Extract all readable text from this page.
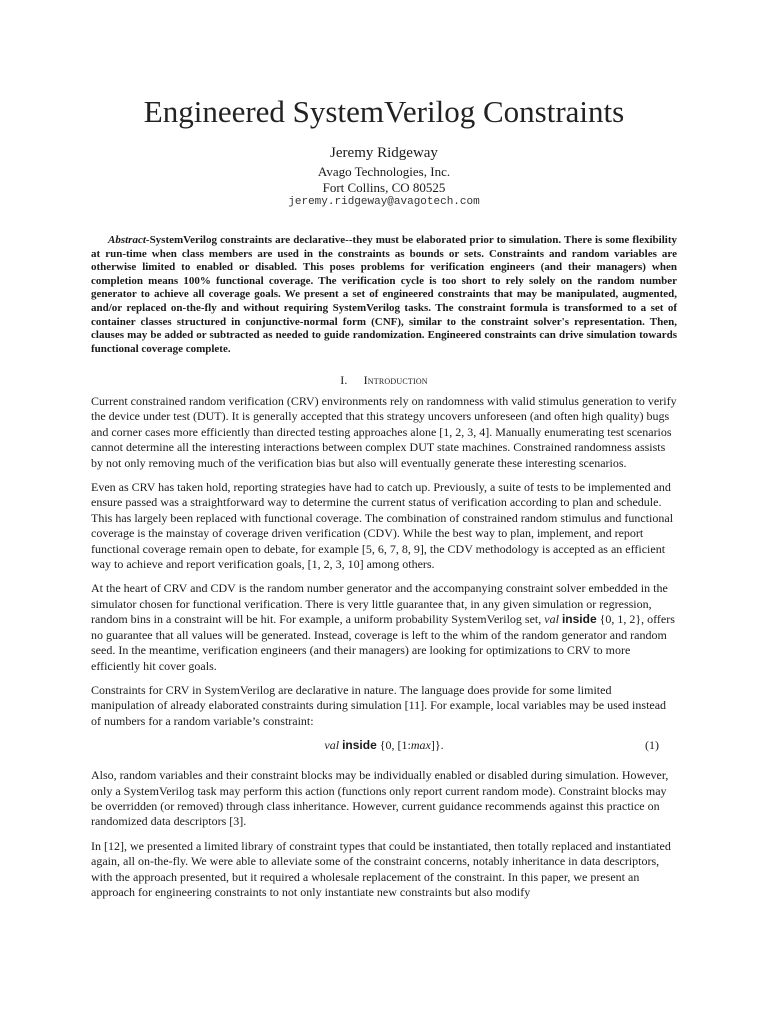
Engineered SystemVerilog Constraints
Jeremy Ridgeway
Avago Technologies, Inc.
Fort Collins, CO 80525
jeremy.ridgeway@avagotech.com
Abstract-SystemVerilog constraints are declarative--they must be elaborated prior to simulation. There is some flexibility at run-time when class members are used in the constraints as bounds or sets. Constraints and random variables are otherwise limited to enabled or disabled. This poses problems for verification engineers (and their managers) when completion means 100% functional coverage. The verification cycle is too short to rely solely on the random number generator to achieve all coverage goals. We present a set of engineered constraints that may be manipulated, augmented, and/or replaced on-the-fly and without requiring SystemVerilog tasks. The constraint formula is transformed to a set of container classes structured in conjunctive-normal form (CNF), similar to the constraint solver's representation. Then, clauses may be added or subtracted as needed to guide randomization. Engineered constraints can drive simulation towards functional coverage complete.
I. Introduction

Current constrained random verification (CRV) environments rely on randomness with valid stimulus generation to verify the device under test (DUT). It is generally accepted that this strategy uncovers unforeseen (and often high quality) bugs and corner cases more efficiently than directed testing approaches alone [1, 2, 3, 4]. Manually enumerating test scenarios cannot determine all the interesting interactions between complex DUT state machines. Constrained randomness assists by not only removing much of the verification bias but also will eventually generate these interesting scenarios.

Even as CRV has taken hold, reporting strategies have had to catch up. Previously, a suite of tests to be implemented and ensure passed was a straightforward way to determine the current status of verification according to plan and schedule. This has largely been replaced with functional coverage. The combination of constrained random stimulus and functional coverage is the mainstay of coverage driven verification (CDV). While the best way to plan, implement, and report functional coverage remain open to debate, for example [5, 6, 7, 8, 9], the CDV methodology is accepted as an efficient way to achieve and report verification goals, [1, 2, 3, 10] among others.

At the heart of CRV and CDV is the random number generator and the accompanying constraint solver embedded in the simulator chosen for functional verification. There is very little guarantee that, in any given simulation or regression, random bins in a constraint will be hit. For example, a uniform probability SystemVerilog set, val inside {0, 1, 2}, offers no guarantee that all values will be generated. Instead, coverage is left to the whim of the random generator and random seed. In the meantime, verification engineers (and their managers) are looking for optimizations to CRV to more efficiently hit cover goals.

Constraints for CRV in SystemVerilog are declarative in nature. The language does provide for some limited manipulation of already elaborated constraints during simulation [11]. For example, local variables may be used instead of numbers for a random variable’s constraint:

val inside {0, [1:max]}.	(1)

Also, random variables and their constraint blocks may be individually enabled or disabled during simulation. However, only a SystemVerilog task may perform this action (functions only report current random mode). Constraint blocks may be overridden (or removed) through class inheritance. However, current guidance recommends against this practice on randomized data descriptors [3].

In [12], we presented a limited library of constraint types that could be instantiated, then totally replaced and instantiated again, all on-the-fly. We were able to alleviate some of the constraint concerns, notably inheritance in data descriptors, with the approach presented, but it required a wholesale replacement of the constraint. In this paper, we present an approach for engineering constraints to not only instantiate new constraints but also modify
